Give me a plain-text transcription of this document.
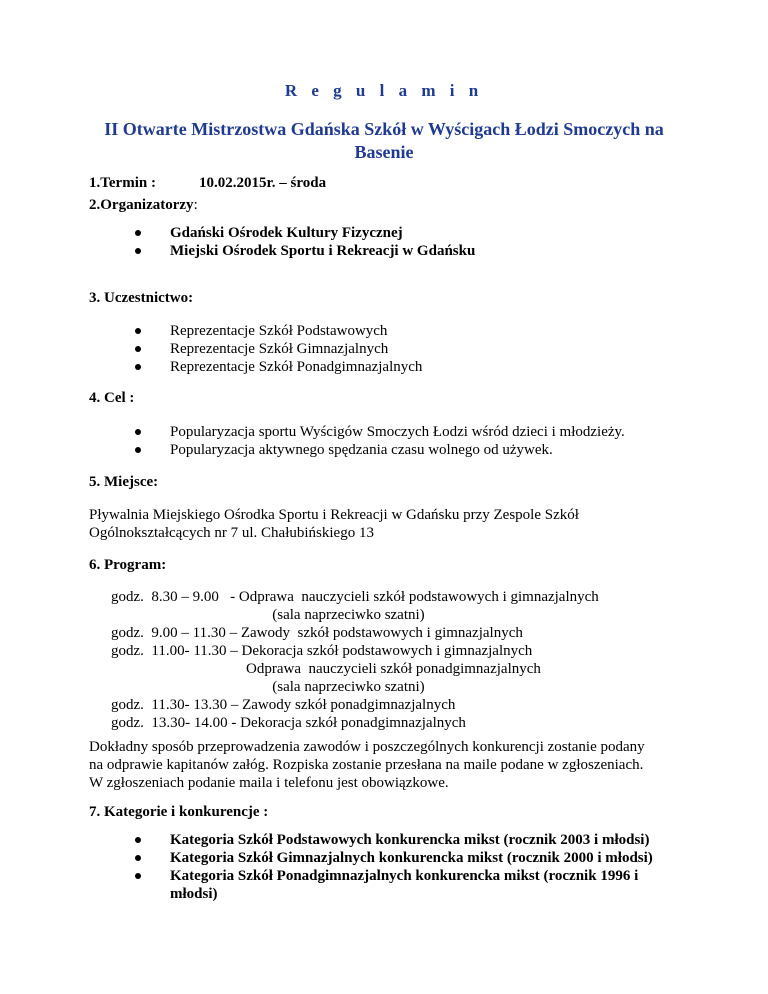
R e g u l a m i n
II Otwarte Mistrzostwa Gdańska Szkół w Wyścigach Łodzi Smoczych na
Basenie
1.Termin :	10.02.2015r. – środa
2.Organizatorzy:
Gdański Ośrodek Kultury Fizycznej
Miejski Ośrodek Sportu i Rekreacji w Gdańsku
3. Uczestnictwo:
Reprezentacje Szkół Podstawowych
Reprezentacje Szkół Gimnazjalnych
Reprezentacje Szkół Ponadgimnazjalnych
4. Cel :
Popularyzacja sportu Wyścigów Smoczych Łodzi wśród dzieci i młodzieży.
Popularyzacja aktywnego spędzania czasu wolnego od używek.
5. Miejsce:
Pływalnia Miejskiego Ośrodka Sportu i Rekreacji w Gdańsku przy Zespole Szkół
Ogólnokształcących nr 7 ul. Chałubińskiego 13
6. Program:
godz.  8.30 – 9.00   - Odprawa  nauczycieli szkół podstawowych i gimnazjalnych
(sala naprzeciwko szatni)
godz.  9.00 – 11.30 – Zawody  szkół podstawowych i gimnazjalnych
godz.  11.00- 11.30 – Dekoracja szkół podstawowych i gimnazjalnych
Odprawa  nauczycieli szkół ponadgimnazjalnych
(sala naprzeciwko szatni)
godz.  11.30- 13.30 – Zawody szkół ponadgimnazjalnych
godz.  13.30- 14.00 - Dekoracja szkół ponadgimnazjalnych
Dokładny sposób przeprowadzenia zawodów i poszczególnych konkurencji zostanie podany
na odprawie kapitanów załóg. Rozpiska zostanie przesłana na maile podane w zgłoszeniach.
W zgłoszeniach podanie maila i telefonu jest obowiązkowe.
7. Kategorie i konkurencje :
Kategoria Szkół Podstawowych konkurencka mikst (rocznik 2003 i młodsi)
Kategoria Szkół Gimnazjalnych konkurencka mikst (rocznik 2000 i młodsi)
Kategoria Szkół Ponadgimnazjalnych konkurencka mikst (rocznik 1996 i
młodsi)
